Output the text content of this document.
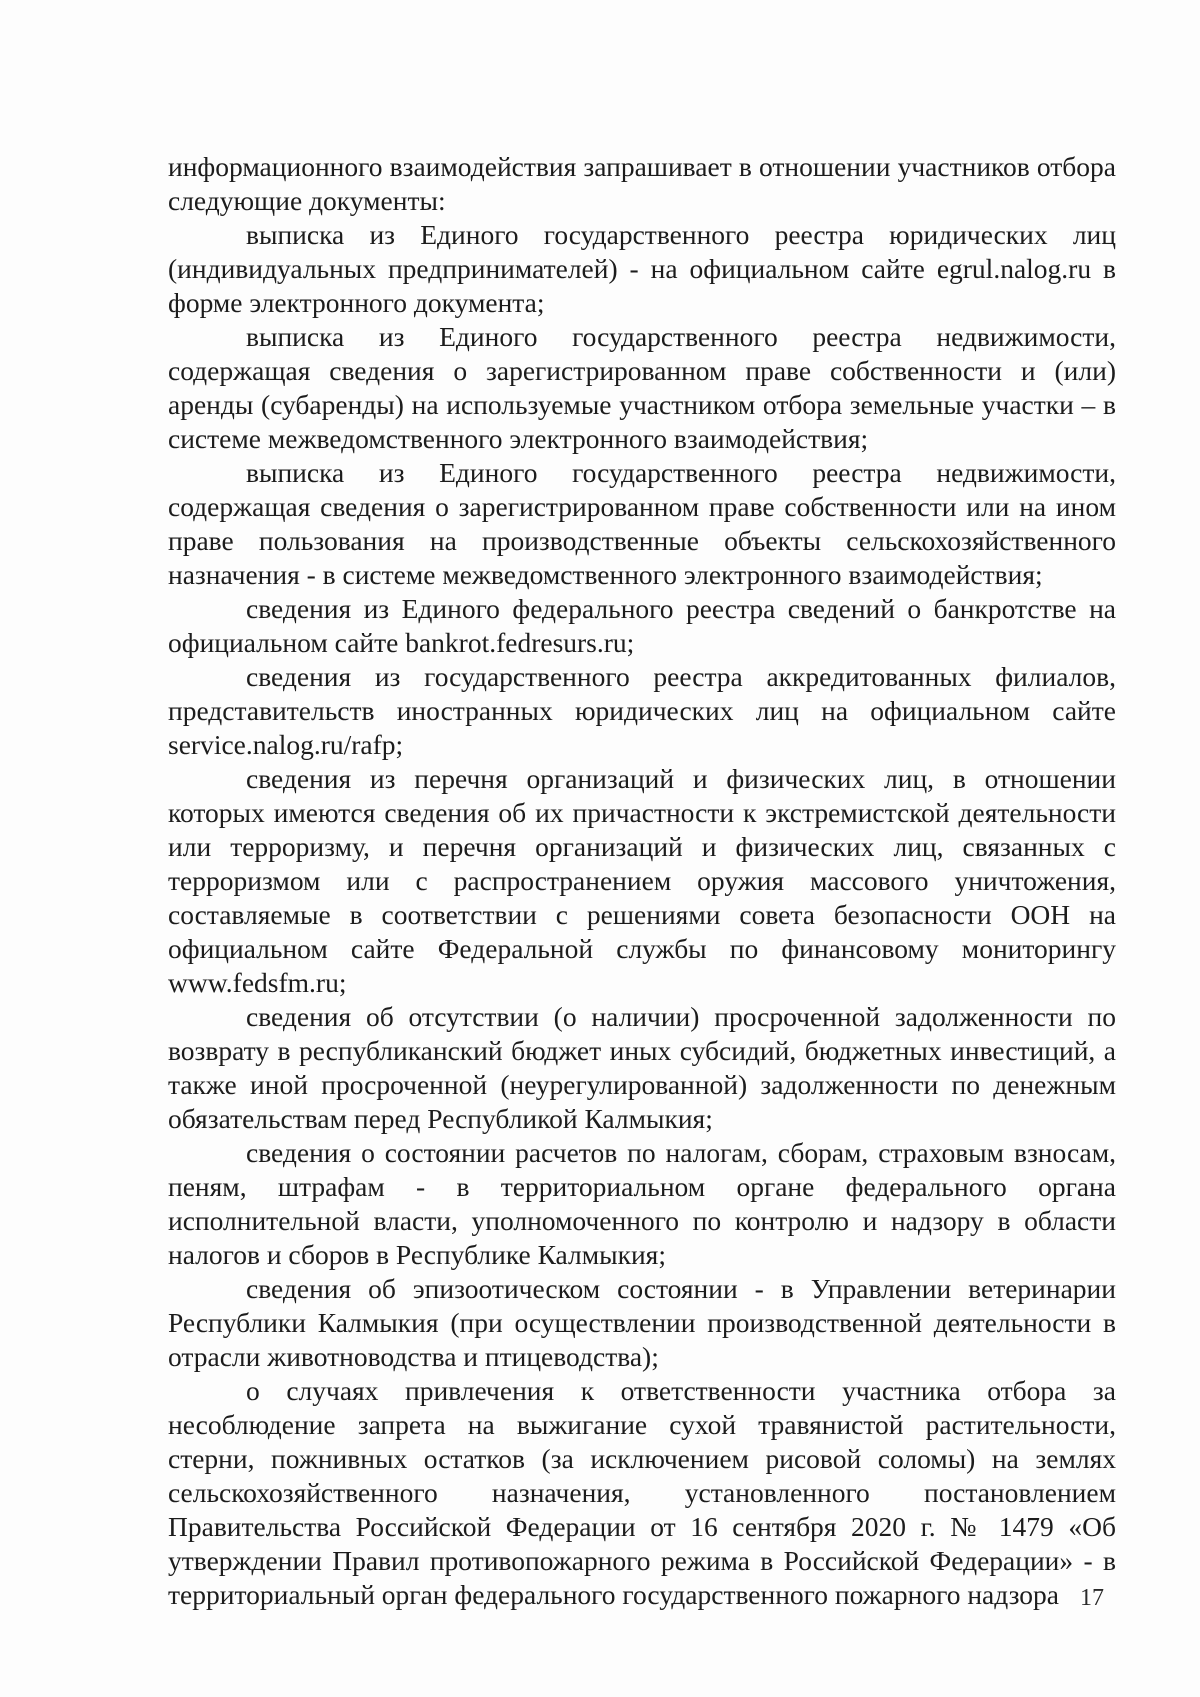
информационного взаимодействия запрашивает в отношении участников отбора следующие документы:

выписка из Единого государственного реестра юридических лиц (индивидуальных предпринимателей) - на официальном сайте egrul.nalog.ru в форме электронного документа;

выписка из Единого государственного реестра недвижимости, содержащая сведения о зарегистрированном праве собственности и (или) аренды (субаренды) на используемые участником отбора земельные участки – в системе межведомственного электронного взаимодействия;

выписка из Единого государственного реестра недвижимости, содержащая сведения о зарегистрированном праве собственности или на ином праве пользования на производственные объекты сельскохозяйственного назначения - в системе межведомственного электронного взаимодействия;

сведения из Единого федерального реестра сведений о банкротстве на официальном сайте bankrot.fedresurs.ru;

сведения из государственного реестра аккредитованных филиалов, представительств иностранных юридических лиц на официальном сайте service.nalog.ru/rafp;

сведения из перечня организаций и физических лиц, в отношении которых имеются сведения об их причастности к экстремистской деятельности или терроризму, и перечня организаций и физических лиц, связанных с терроризмом или с распространением оружия массового уничтожения, составляемые в соответствии с решениями совета безопасности ООН на официальном сайте Федеральной службы по финансовому мониторингу www.fedsfm.ru;

сведения об отсутствии (о наличии) просроченной задолженности по возврату в республиканский бюджет иных субсидий, бюджетных инвестиций, а также иной просроченной (неурегулированной) задолженности по денежным обязательствам перед Республикой Калмыкия;

сведения о состоянии расчетов по налогам, сборам, страховым взносам, пеням, штрафам - в территориальном органе федерального органа исполнительной власти, уполномоченного по контролю и надзору в области налогов и сборов в Республике Калмыкия;

сведения об эпизоотическом состоянии - в Управлении ветеринарии Республики Калмыкия (при осуществлении производственной деятельности в отрасли животноводства и птицеводства);

о случаях привлечения к ответственности участника отбора за несоблюдение запрета на выжигание сухой травянистой растительности, стерни, пожнивных остатков (за исключением рисовой соломы) на землях сельскохозяйственного назначения, установленного постановлением Правительства Российской Федерации от 16 сентября 2020 г. № 1479 «Об утверждении Правил противопожарного режима в Российской Федерации» - в территориальный орган федерального государственного пожарного надзора 17
